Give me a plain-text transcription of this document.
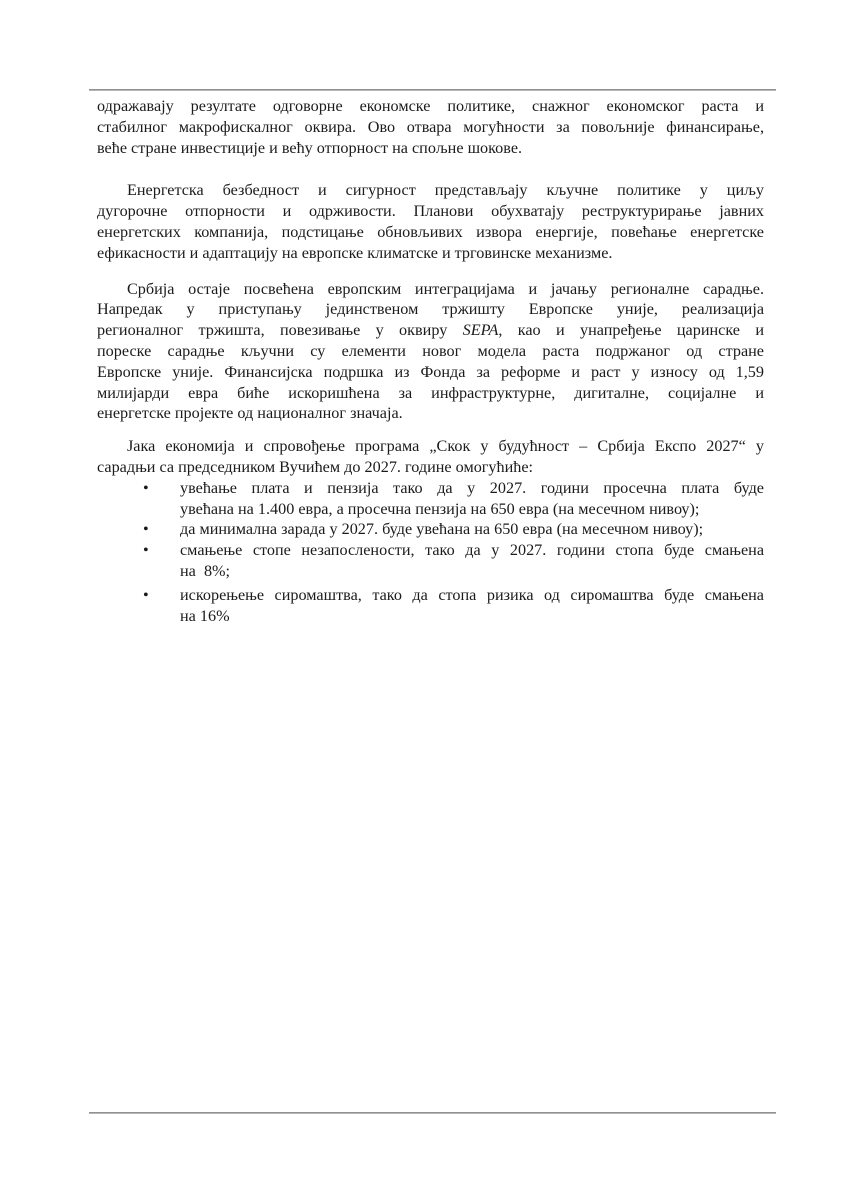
одражавају резултате одговорне економске политике, снажног економског раста и
стабилног макрофискалног оквира. Ово отвара могућности за повољније финансирање,
веће стране инвестиције и већу отпорност на спољне шокове.
Енергетска безбедност и сигурност представљају кључне политике у циљу
дугорочне отпорности и одрживости. Планови обухватају реструктурирање јавних
енергетских компанија, подстицање обновљивих извора енергије, повећање енергетске
ефикасности и адаптацију на европске климатске и трговинске механизме.
Србија остаје посвећена европским интеграцијама и јачању регионалне сарадње.
Напредак у приступању јединственом тржишту Европске уније, реализација
регионалног тржишта, повезивање у оквиру SEPA, као и унапређење царинске и
пореске сарадње кључни су елементи новог модела раста подржаног од стране
Европске уније. Финансијска подршка из Фонда за реформе и раст у износу од 1,59
милијарди евра биће искоришћена за инфраструктурне, дигиталне, социјалне и
енергетске пројекте од националног значаја.
Јака економија и спровођење програма „Скок у будућност – Србија Експо 2027“ у
сарадњи са председником Вучићем до 2027. године омогућиће:
• увећање плата и пензија тако да у 2027. години просечна плата буде
увећана на 1.400 евра, а просечна пензија на 650 евра (на месечном нивоу);
• да минимална зарада у 2027. буде увећана на 650 евра (на месечном нивоу);
• смањење стопе незапослености, тако да у 2027. години стопа буде смањена
на  8%;
• искорењење сиромаштва, тако да стопа ризика од сиромаштва буде смањена
на 16%
